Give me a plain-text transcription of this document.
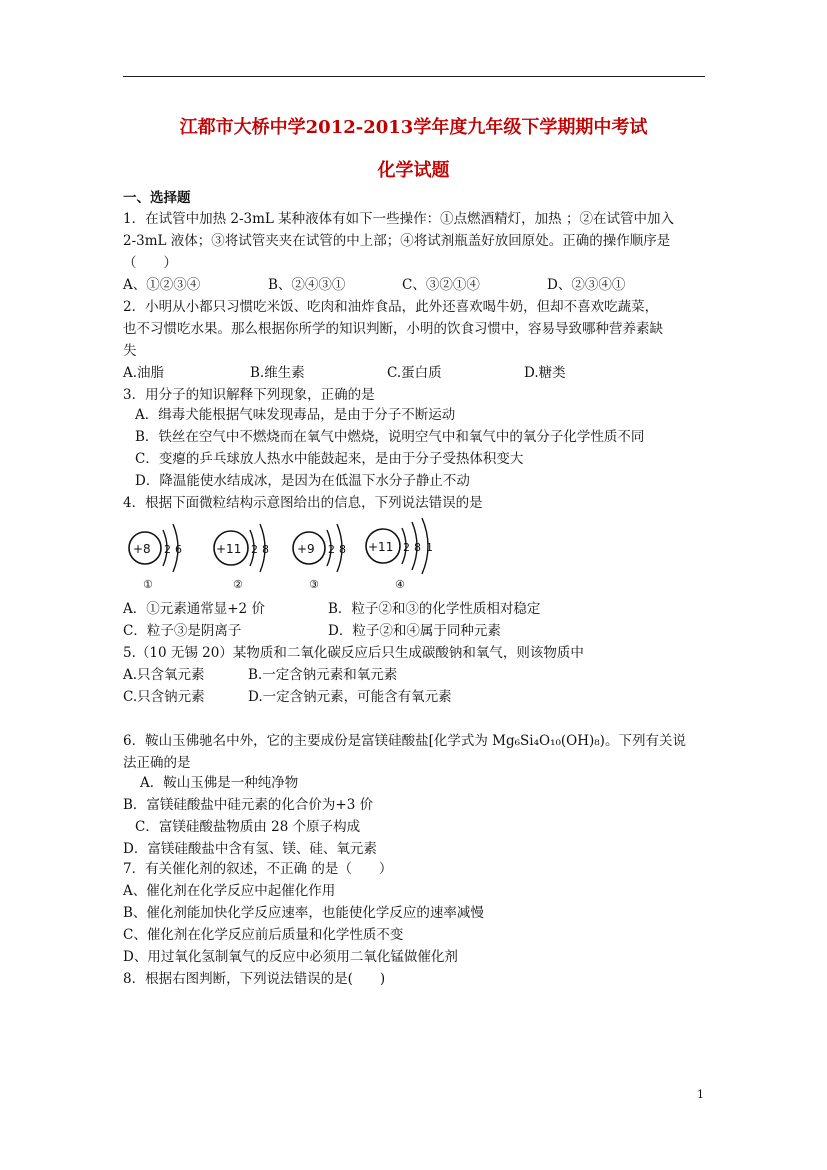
江都市大桥中学2012-2013学年度九年级下学期期中考试
化学试题
一、选择题
1．在试管中加热 2-3mL 某种液体有如下一些操作：①点燃酒精灯，加热 ；②在试管中加入
2-3mL 液体；③将试管夹夹在试管的中上部；④将试剂瓶盖好放回原处。正确的操作顺序是
（　　）
A、①②③④	B、②④③①	C、③②①④	D、②③④①
2．小明从小都只习惯吃米饭、吃肉和油炸食品，此外还喜欢喝牛奶，但却不喜欢吃蔬菜，
也不习惯吃水果。那么根据你所学的知识判断，小明的饮食习惯中，容易导致哪种营养素缺
失
A.油脂	B.维生素	C.蛋白质	D.糖类
3．用分子的知识解释下列现象，正确的是
A．缉毒犬能根据气味发现毒品，是由于分子不断运动
B．铁丝在空气中不燃烧而在氧气中燃烧，说明空气中和氧气中的氧分子化学性质不同
C．变瘪的乒乓球放人热水中能鼓起来，是由于分子受热体积变大
D．降温能使水结成冰，是因为在低温下水分子静止不动
4．根据下面微粒结构示意图给出的信息，下列说法错误的是
+8 2 6
①
+11 2 8
②
+9 2 8
③
+11 2 8 1
④
A．①元素通常显+2 价	B．粒子②和③的化学性质相对稳定
C．粒子③是阴离子	D．粒子②和④属于同种元素
5.（10 无锡 20）某物质和二氧化碳反应后只生成碳酸钠和氧气，则该物质中
A.只含氧元素	B.一定含钠元素和氧元素
C.只含钠元素	D.一定含钠元素，可能含有氧元素
6．鞍山玉佛驰名中外，它的主要成份是富镁硅酸盐[化学式为 Mg₆Si₄O₁₀(OH)₈)。下列有关说
法正确的是
A．鞍山玉佛是一种纯净物
B．富镁硅酸盐中硅元素的化合价为+3 价
C．富镁硅酸盐物质由 28 个原子构成
D．富镁硅酸盐中含有氢、镁、硅、氧元素
7．有关催化剂的叙述，不正确 的是（　　）
A、催化剂在化学反应中起催化作用
B、催化剂能加快化学反应速率，也能使化学反应的速率减慢
C、催化剂在化学反应前后质量和化学性质不变
D、用过氧化氢制氧气的反应中必须用二氧化锰做催化剂
8．根据右图判断，下列说法错误的是(　　)
1
